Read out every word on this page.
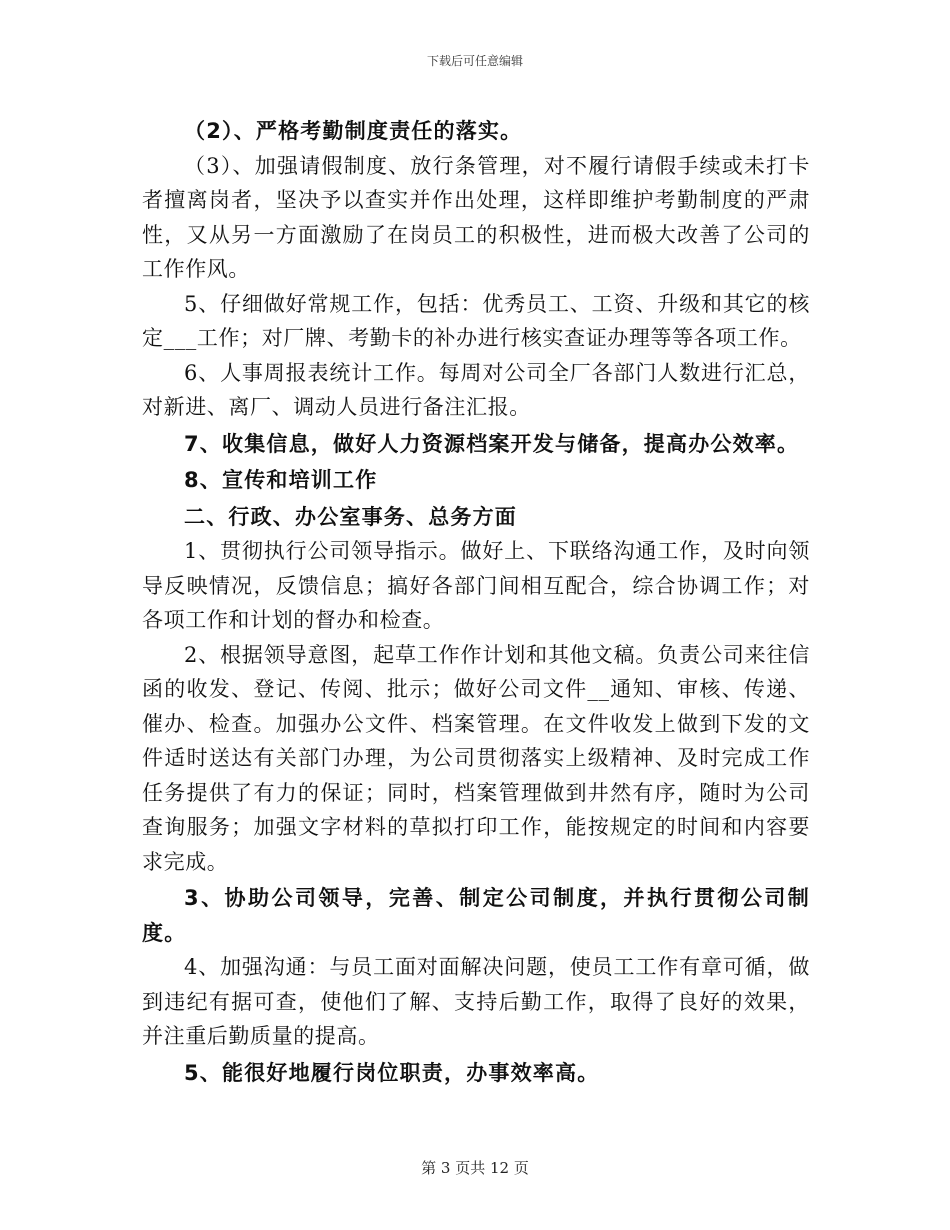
下载后可任意编辑

（2）、严格考勤制度责任的落实。

（3）、加强请假制度、放行条管理，对不履行请假手续或未打卡者擅离岗者，坚决予以查实并作出处理，这样即维护考勤制度的严肃性，又从另一方面激励了在岗员工的积极性，进而极大改善了公司的工作作风。

5、仔细做好常规工作，包括：优秀员工、工资、升级和其它的核定___工作；对厂牌、考勤卡的补办进行核实查证办理等等各项工作。

6、人事周报表统计工作。每周对公司全厂各部门人数进行汇总，对新进、离厂、调动人员进行备注汇报。

7、收集信息，做好人力资源档案开发与储备，提高办公效率。

8、宣传和培训工作

二、行政、办公室事务、总务方面

1、贯彻执行公司领导指示。做好上、下联络沟通工作，及时向领导反映情况，反馈信息；搞好各部门间相互配合，综合协调工作；对各项工作和计划的督办和检查。

2、根据领导意图，起草工作作计划和其他文稿。负责公司来往信函的收发、登记、传阅、批示；做好公司文件__通知、审核、传递、催办、检查。加强办公文件、档案管理。在文件收发上做到下发的文件适时送达有关部门办理，为公司贯彻落实上级精神、及时完成工作任务提供了有力的保证；同时，档案管理做到井然有序，随时为公司查询服务；加强文字材料的草拟打印工作，能按规定的时间和内容要求完成。

3、协助公司领导，完善、制定公司制度，并执行贯彻公司制度。

4、加强沟通：与员工面对面解决问题，使员工工作有章可循，做到违纪有据可查，使他们了解、支持后勤工作，取得了良好的效果，并注重后勤质量的提高。

5、能很好地履行岗位职责，办事效率高。

第 3 页共 12 页
